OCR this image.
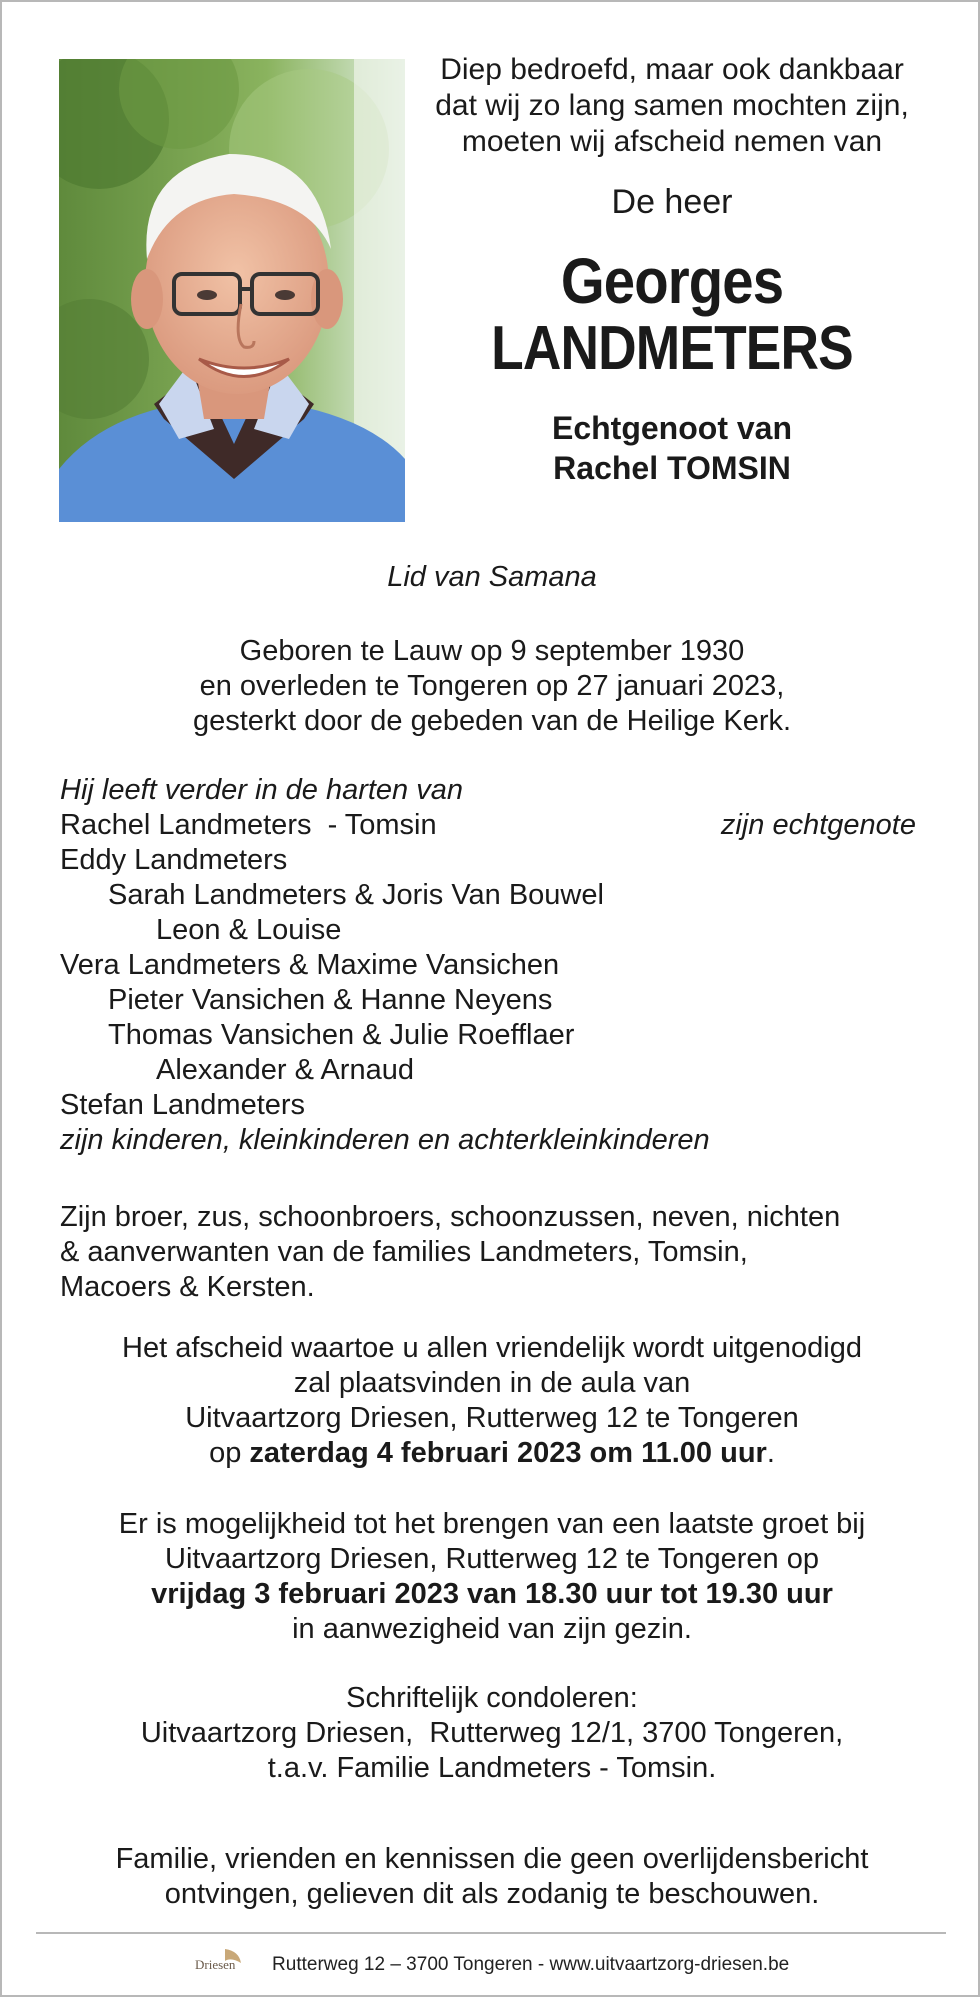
Diep bedroefd, maar ook dankbaar
dat wij zo lang samen mochten zijn,
moeten wij afscheid nemen van
De heer
Georges
LANDMETERS
Echtgenoot van
Rachel TOMSIN
Lid van Samana
Geboren te Lauw op 9 september 1930
en overleden te Tongeren op 27 januari 2023,
gesterkt door de gebeden van de Heilige Kerk.
Hij leeft verder in de harten van
Rachel Landmeters  - Tomsin	zijn echtgenote
Eddy Landmeters
Sarah Landmeters & Joris Van Bouwel
Leon & Louise
Vera Landmeters & Maxime Vansichen
Pieter Vansichen & Hanne Neyens
Thomas Vansichen & Julie Roefflaer
Alexander & Arnaud
Stefan Landmeters
zijn kinderen, kleinkinderen en achterkleinkinderen
Zijn broer, zus, schoonbroers, schoonzussen, neven, nichten
& aanverwanten van de families Landmeters, Tomsin,
Macoers & Kersten.
Het afscheid waartoe u allen vriendelijk wordt uitgenodigd
zal plaatsvinden in de aula van
Uitvaartzorg Driesen, Rutterweg 12 te Tongeren
op zaterdag 4 februari 2023 om 11.00 uur.
Er is mogelijkheid tot het brengen van een laatste groet bij
Uitvaartzorg Driesen, Rutterweg 12 te Tongeren op
vrijdag 3 februari 2023 van 18.30 uur tot 19.30 uur
in aanwezigheid van zijn gezin.
Schriftelijk condoleren:
Uitvaartzorg Driesen,  Rutterweg 12/1, 3700 Tongeren,
t.a.v. Familie Landmeters - Tomsin.
Familie, vrienden en kennissen die geen overlijdensbericht
ontvingen, gelieven dit als zodanig te beschouwen.
Driesen Rutterweg 12 – 3700 Tongeren - www.uitvaartzorg-driesen.be
